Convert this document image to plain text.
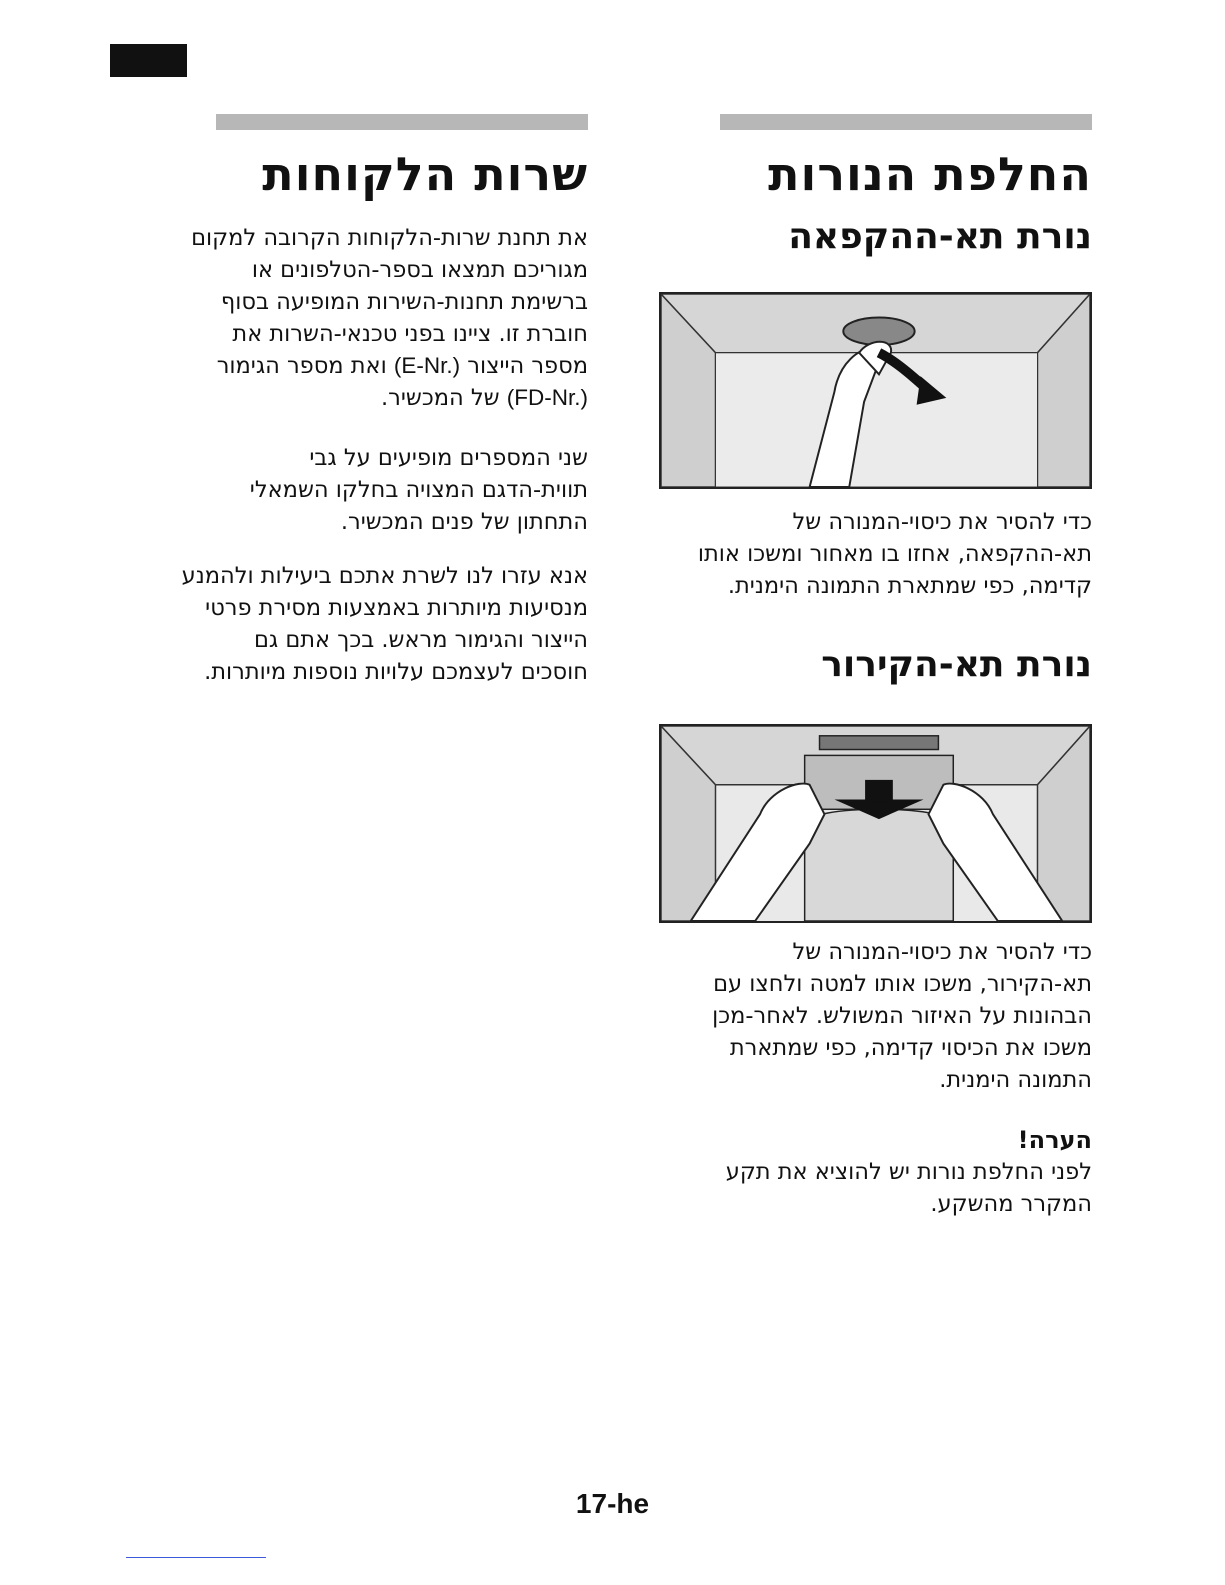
החלפת הנורות
נורת תא-ההקפאה
כדי להסיר את כיסוי-המנורה של
תא-ההקפאה, אחזו בו מאחור ומשכו אותו
קדימה, כפי שמתארת התמונה הימנית.
נורת תא-הקירור
כדי להסיר את כיסוי-המנורה של
תא-הקירור, משכו אותו למטה ולחצו עם
הבהונות על האיזור המשולש. לאחר-מכן
משכו את הכיסוי קדימה, כפי שמתארת
התמונה הימנית.
הערה!
לפני החלפת נורות יש להוציא את תקע
המקרר מהשקע.
שרות הלקוחות
את תחנת שרות-הלקוחות הקרובה למקום
מגוריכם תמצאו בספר-הטלפונים או
ברשימת תחנות-השירות המופיעה בסוף
חוברת זו. ציינו בפני טכנאי-השרות את
מספר הייצור (E-Nr.) ואת מספר הגימור
(FD-Nr.) של המכשיר.
שני המספרים מופיעים על גבי
תווית-הדגם המצויה בחלקו השמאלי
התחתון של פנים המכשיר.
אנא עזרו לנו לשרת אתכם ביעילות ולהמנע
מנסיעות מיותרות באמצעות מסירת פרטי
הייצור והגימור מראש. בכך אתם גם
חוסכים לעצמכם עלויות נוספות מיותרות.
17-he
